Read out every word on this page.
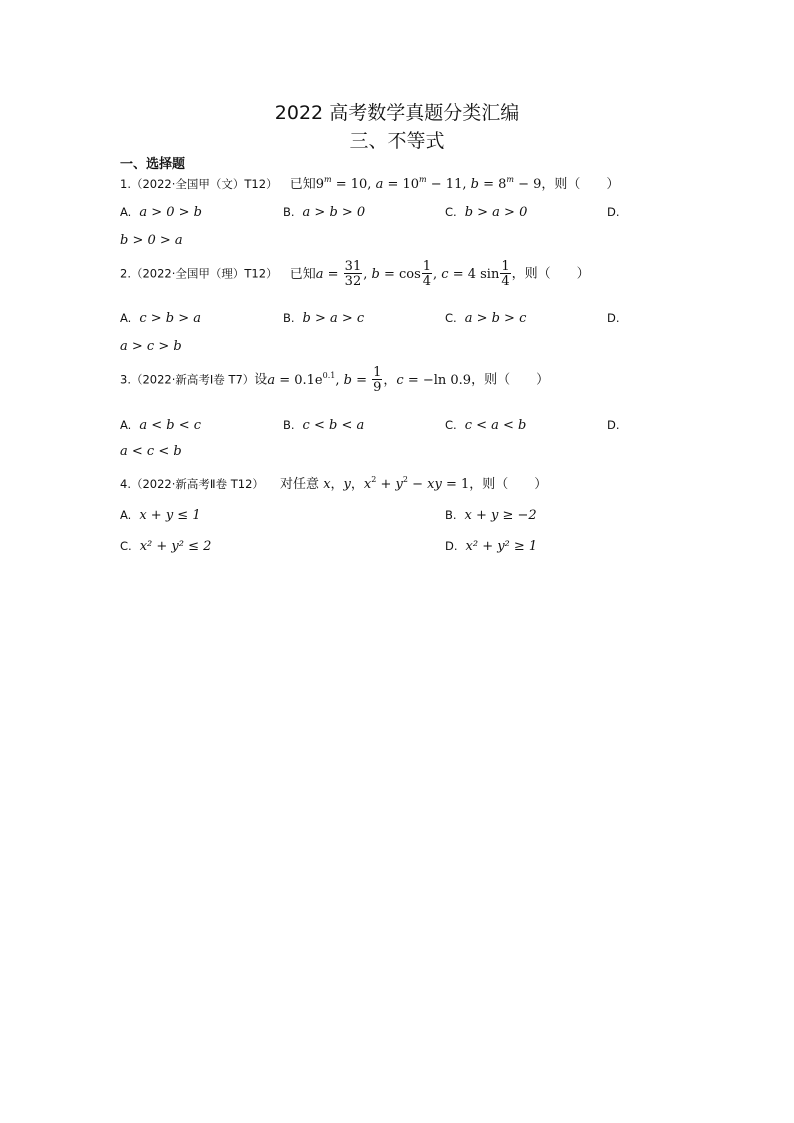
2022 高考数学真题分类汇编
三、不等式
一、选择题
1.（2022·全国甲（文）T12） 已知$9^m = 10$, $a = 10^m - 11$, $b = 8^m - 9$，则（　　）
A. a > 0 > b	B. a > b > 0	C. b > a > 0	D.
b > 0 > a
2.（2022·全国甲（理）T12） 已知$a = \frac{31}{32}$ , $b = \cos \frac{1}{4}$ , c = 4 $\sin \frac{1}{4}$ ，则（　　）
A. c > b > a	B. b > a > c	C. a > b > c	D.
a > c > b
3.（2022·新高考Ⅰ卷 T7）设$a = 0.1e^{0.1}$, $b = \frac{1}{9}$ ，c = −ln 0.9，则（　　）
A. a < b < c	B. c < b < a	C. c < a < b	D.
a < c < b
4.（2022·新高考Ⅱ卷 T12） 对任意 x，y，$x^2 + y^2$ − xy = 1，则（　　）
A. x + y ≤ 1	B. x + y ≥ −2
C. x² + y² ≤ 2	D. x² + y² ≥ 1
